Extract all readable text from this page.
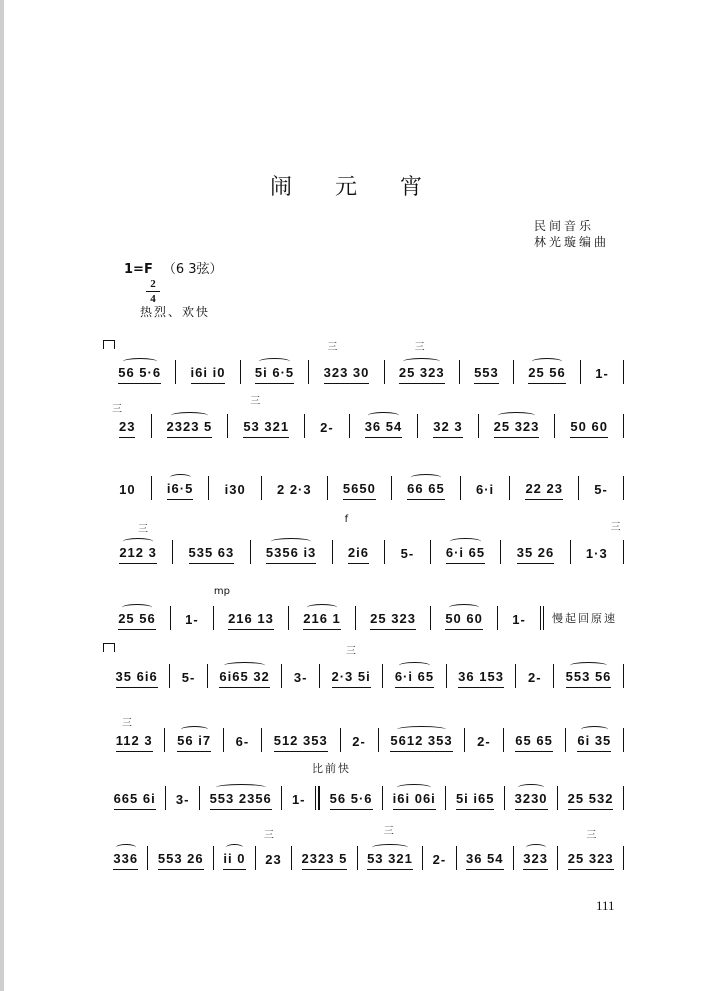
闹 元 宵
民间音乐
林光璇编曲
1=F （6 3弦）
2
4
热烈、欢快
56 5·6 i6i i0 5i 6·5 323 30
三
25 323
三
553 25 56 1-
23
三
2323 5 53 321
三
2- 36 54 32 3 25 323 50 60
10 i6·5 i30 2 2·3 5650 66 65 6·i 22 23 5-
212 3
三
535 63 5356 i3 2i6
f
5- 6·i 65 35 26 1·3
三
25 56 1- 216 13
mp
216 1 25 323 50 60 1- 慢起回原速
35 6i6 5- 6i65 32 3- 2·3 5i
三
6·i 65 36 153 2- 553 56
112 3
三
56 i7 6- 512 353 2- 5612 353 2- 65 65 6i 35
比前快
665 6i 3- 553 2356 1- 56 5·6 i6i 06i 5i i65 3230 25 532
336 553 26 ii 0 23
三
2323 5 53 321
三
2- 36 54 323 25 323
三
111
